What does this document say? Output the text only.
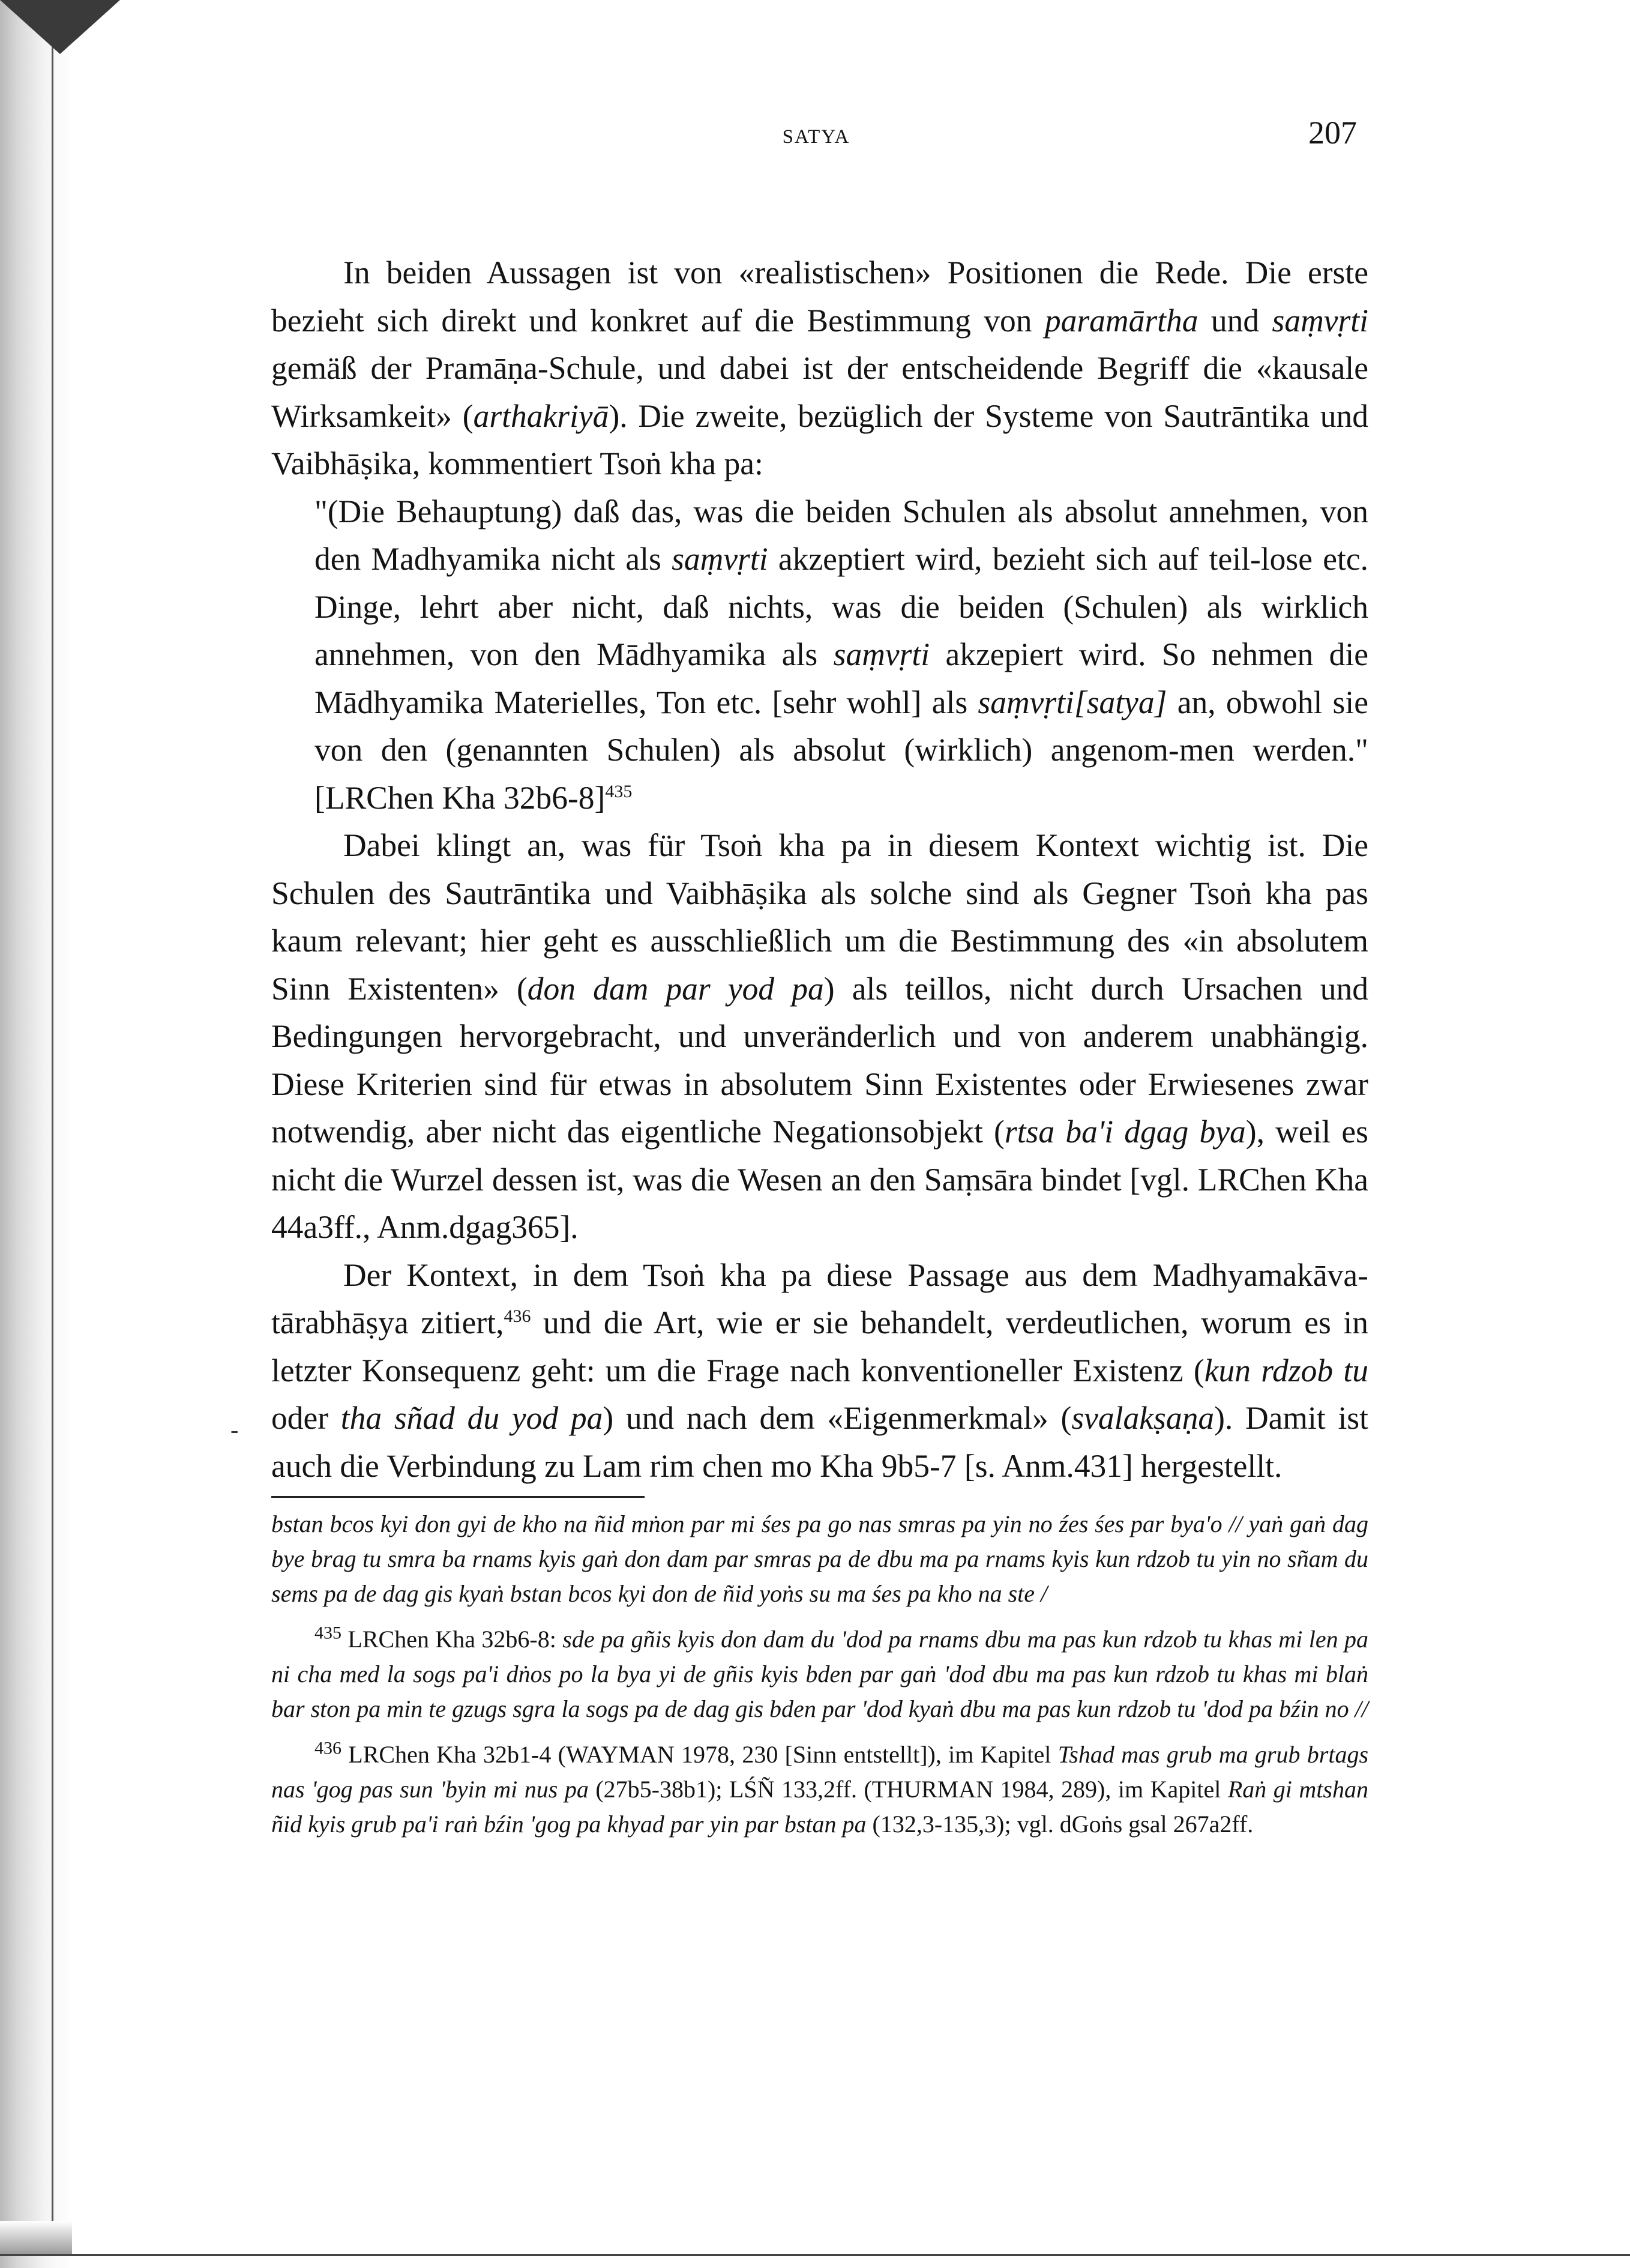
SATYA	207

In beiden Aussagen ist von «realistischen» Positionen die Rede. Die erste bezieht sich direkt und konkret auf die Bestimmung von paramārtha und saṃvṛti gemäß der Pramāṇa-Schule, und dabei ist der entscheidende Begriff die «kausale Wirksamkeit» (arthakriyā). Die zweite, bezüglich der Systeme von Sautrāntika und Vaibhāṣika, kommentiert Tsoṅ kha pa:

"(Die Behauptung) daß das, was die beiden Schulen als absolut annehmen, von den Madhyamika nicht als saṃvṛti akzeptiert wird, bezieht sich auf teil-lose etc. Dinge, lehrt aber nicht, daß nichts, was die beiden (Schulen) als wirklich annehmen, von den Mādhyamika als saṃvṛti akzepiert wird. So nehmen die Mādhyamika Materielles, Ton etc. [sehr wohl] als saṃvṛti[satya] an, obwohl sie von den (genannten Schulen) als absolut (wirklich) angenom-men werden." [LRChen Kha 32b6-8]$^{435}$

Dabei klingt an, was für Tsoṅ kha pa in diesem Kontext wichtig ist. Die Schulen des Sautrāntika und Vaibhāṣika als solche sind als Gegner Tsoṅ kha pas kaum relevant; hier geht es ausschließlich um die Bestimmung des «in absolutem Sinn Existenten» (don dam par yod pa) als teillos, nicht durch Ursachen und Bedingungen hervorgebracht, und unveränderlich und von anderem unabhängig. Diese Kriterien sind für etwas in absolutem Sinn Existentes oder Erwiesenes zwar notwendig, aber nicht das eigentliche Negationsobjekt (rtsa ba'i dgag bya), weil es nicht die Wurzel dessen ist, was die Wesen an den Saṃsāra bindet [vgl. LRChen Kha 44a3ff., Anm.dgag365].

Der Kontext, in dem Tsoṅ kha pa diese Passage aus dem Madhyamakāva-tārabhāṣya zitiert,$^{436}$ und die Art, wie er sie behandelt, verdeutlichen, worum es in letzter Konsequenz geht: um die Frage nach konventioneller Existenz (kun rdzob tu oder tha sñad du yod pa) und nach dem «Eigenmerkmal» (svalakṣaṇa). Damit ist auch die Verbindung zu Lam rim chen mo Kha 9b5-7 [s. Anm.431] hergestellt.

‐

bstan bcos kyi don gyi de kho na ñid mṅon par mi śes pa go nas smras pa yin no źes śes par bya'o // yaṅ gaṅ dag bye brag tu smra ba rnams kyis gaṅ don dam par smras pa de dbu ma pa rnams kyis kun rdzob tu yin no sñam du sems pa de dag gis kyaṅ bstan bcos kyi don de ñid yoṅs su ma śes pa kho na ste /

$^{435}$ LRChen Kha 32b6-8: sde pa gñis kyis don dam du 'dod pa rnams dbu ma pas kun rdzob tu khas mi len pa ni cha med la sogs pa'i dṅos po la bya yi de gñis kyis bden par gaṅ 'dod dbu ma pas kun rdzob tu khas mi blaṅ bar ston pa min te gzugs sgra la sogs pa de dag gis bden par 'dod kyaṅ dbu ma pas kun rdzob tu 'dod pa bźin no //

$^{436}$ LRChen Kha 32b1-4 (WAYMAN 1978, 230 [Sinn entstellt]), im Kapitel Tshad mas grub ma grub brtags nas 'gog pas sun 'byin mi nus pa (27b5-38b1); LŚÑ 133,2ff. (THURMAN 1984, 289), im Kapitel Raṅ gi mtshan ñid kyis grub pa'i raṅ bźin 'gog pa khyad par yin par bstan pa (132,3-135,3); vgl. dGoṅs gsal 267a2ff.
